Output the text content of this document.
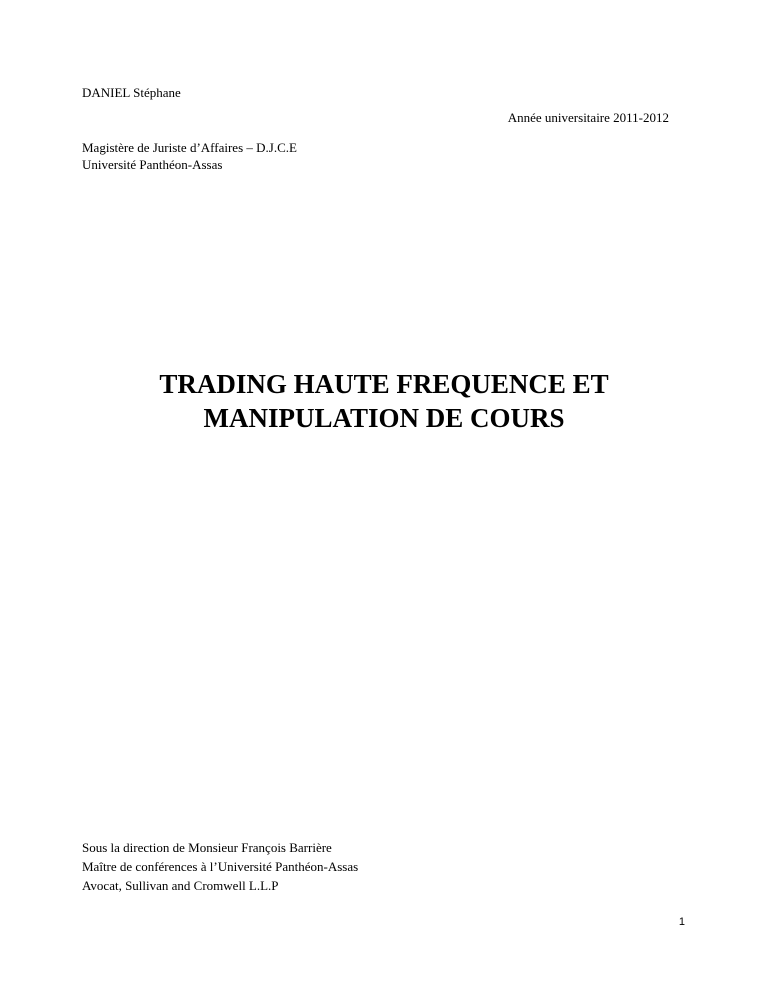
DANIEL Stéphane
Année universitaire 2011-2012
Magistère de Juriste d’Affaires – D.J.C.E
Université Panthéon-Assas
TRADING HAUTE FREQUENCE ET
MANIPULATION DE COURS
Sous la direction de Monsieur François Barrière
Maître de conférences à l’Université Panthéon-Assas
Avocat, Sullivan and Cromwell L.L.P
1
